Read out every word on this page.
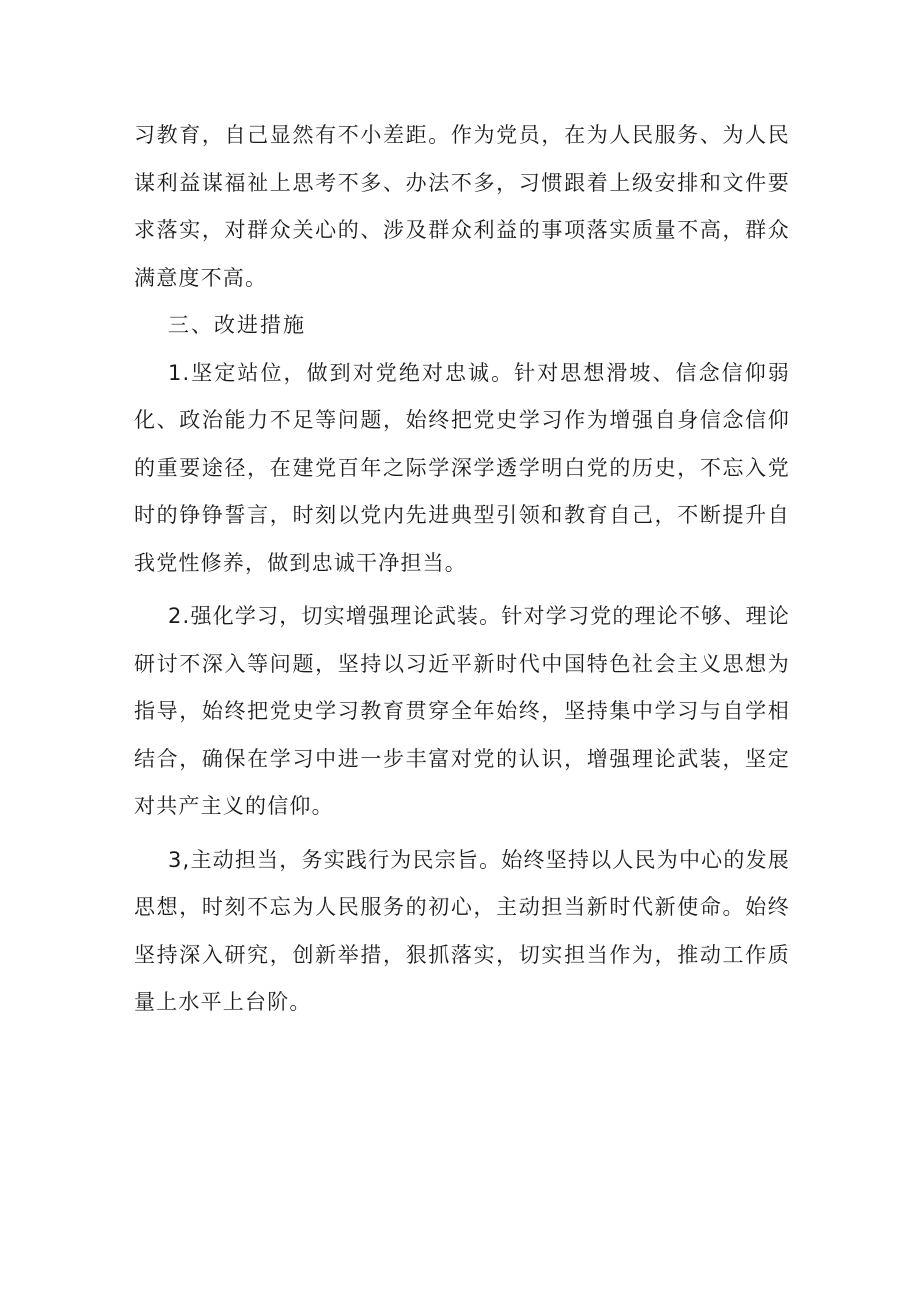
习教育，自己显然有不小差距。作为党员，在为人民服务、为人民谋利益谋福祉上思考不多、办法不多，习惯跟着上级安排和文件要求落实，对群众关心的、涉及群众利益的事项落实质量不高，群众满意度不高。

三、改进措施

1.坚定站位，做到对党绝对忠诚。针对思想滑坡、信念信仰弱化、政治能力不足等问题，始终把党史学习作为增强自身信念信仰的重要途径，在建党百年之际学深学透学明白党的历史，不忘入党时的铮铮誓言，时刻以党内先进典型引领和教育自己，不断提升自我党性修养，做到忠诚干净担当。

2.强化学习，切实增强理论武装。针对学习党的理论不够、理论研讨不深入等问题，坚持以习近平新时代中国特色社会主义思想为指导，始终把党史学习教育贯穿全年始终，坚持集中学习与自学相结合，确保在学习中进一步丰富对党的认识，增强理论武装，坚定对共产主义的信仰。

3,主动担当，务实践行为民宗旨。始终坚持以人民为中心的发展思想，时刻不忘为人民服务的初心，主动担当新时代新使命。始终坚持深入研究，创新举措，狠抓落实，切实担当作为，推动工作质量上水平上台阶。
